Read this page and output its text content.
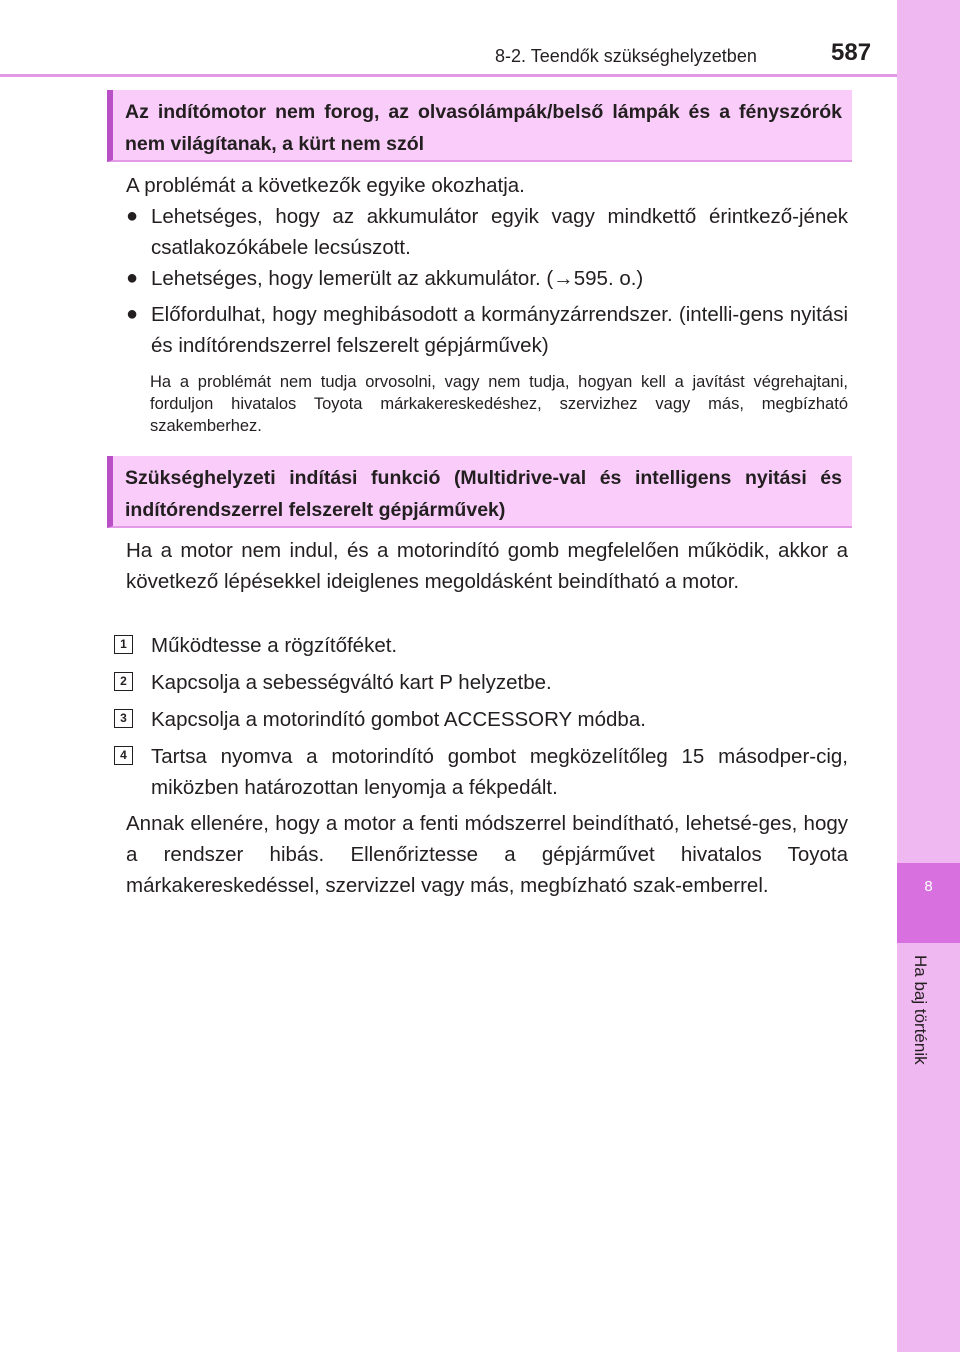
8
Ha baj történik
8-2. Teendők szükséghelyzetben	587
Az indítómotor nem forog, az olvasólámpák/belső lámpák és a fényszórók nem világítanak, a kürt nem szól
A problémát a következők egyike okozhatja.
● Lehetséges, hogy az akkumulátor egyik vagy mindkettő érintkező-jének csatlakozókábele lecsúszott.
● Lehetséges, hogy lemerült az akkumulátor. (→595. o.)
● Előfordulhat, hogy meghibásodott a kormányzárrendszer. (intelli-gens nyitási és indítórendszerrel felszerelt gépjárművek)
Ha a problémát nem tudja orvosolni, vagy nem tudja, hogyan kell a javítást végrehajtani, forduljon hivatalos Toyota márkakereskedéshez, szervizhez vagy más, megbízható szakemberhez.
Szükséghelyzeti indítási funkció (Multidrive-val és intelligens nyitási és indítórendszerrel felszerelt gépjárművek)
Ha a motor nem indul, és a motorindító gomb megfelelően működik, akkor a következő lépésekkel ideiglenes megoldásként beindítható a motor.
1	Működtesse a rögzítőféket.
2	Kapcsolja a sebességváltó kart P helyzetbe.
3	Kapcsolja a motorindító gombot ACCESSORY módba.
4	Tartsa nyomva a motorindító gombot megközelítőleg 15 másodper-cig, miközben határozottan lenyomja a fékpedált.
Annak ellenére, hogy a motor a fenti módszerrel beindítható, lehetsé-ges, hogy a rendszer hibás. Ellenőriztesse a gépjárművet hivatalos Toyota márkakereskedéssel, szervizzel vagy más, megbízható szak-emberrel.
